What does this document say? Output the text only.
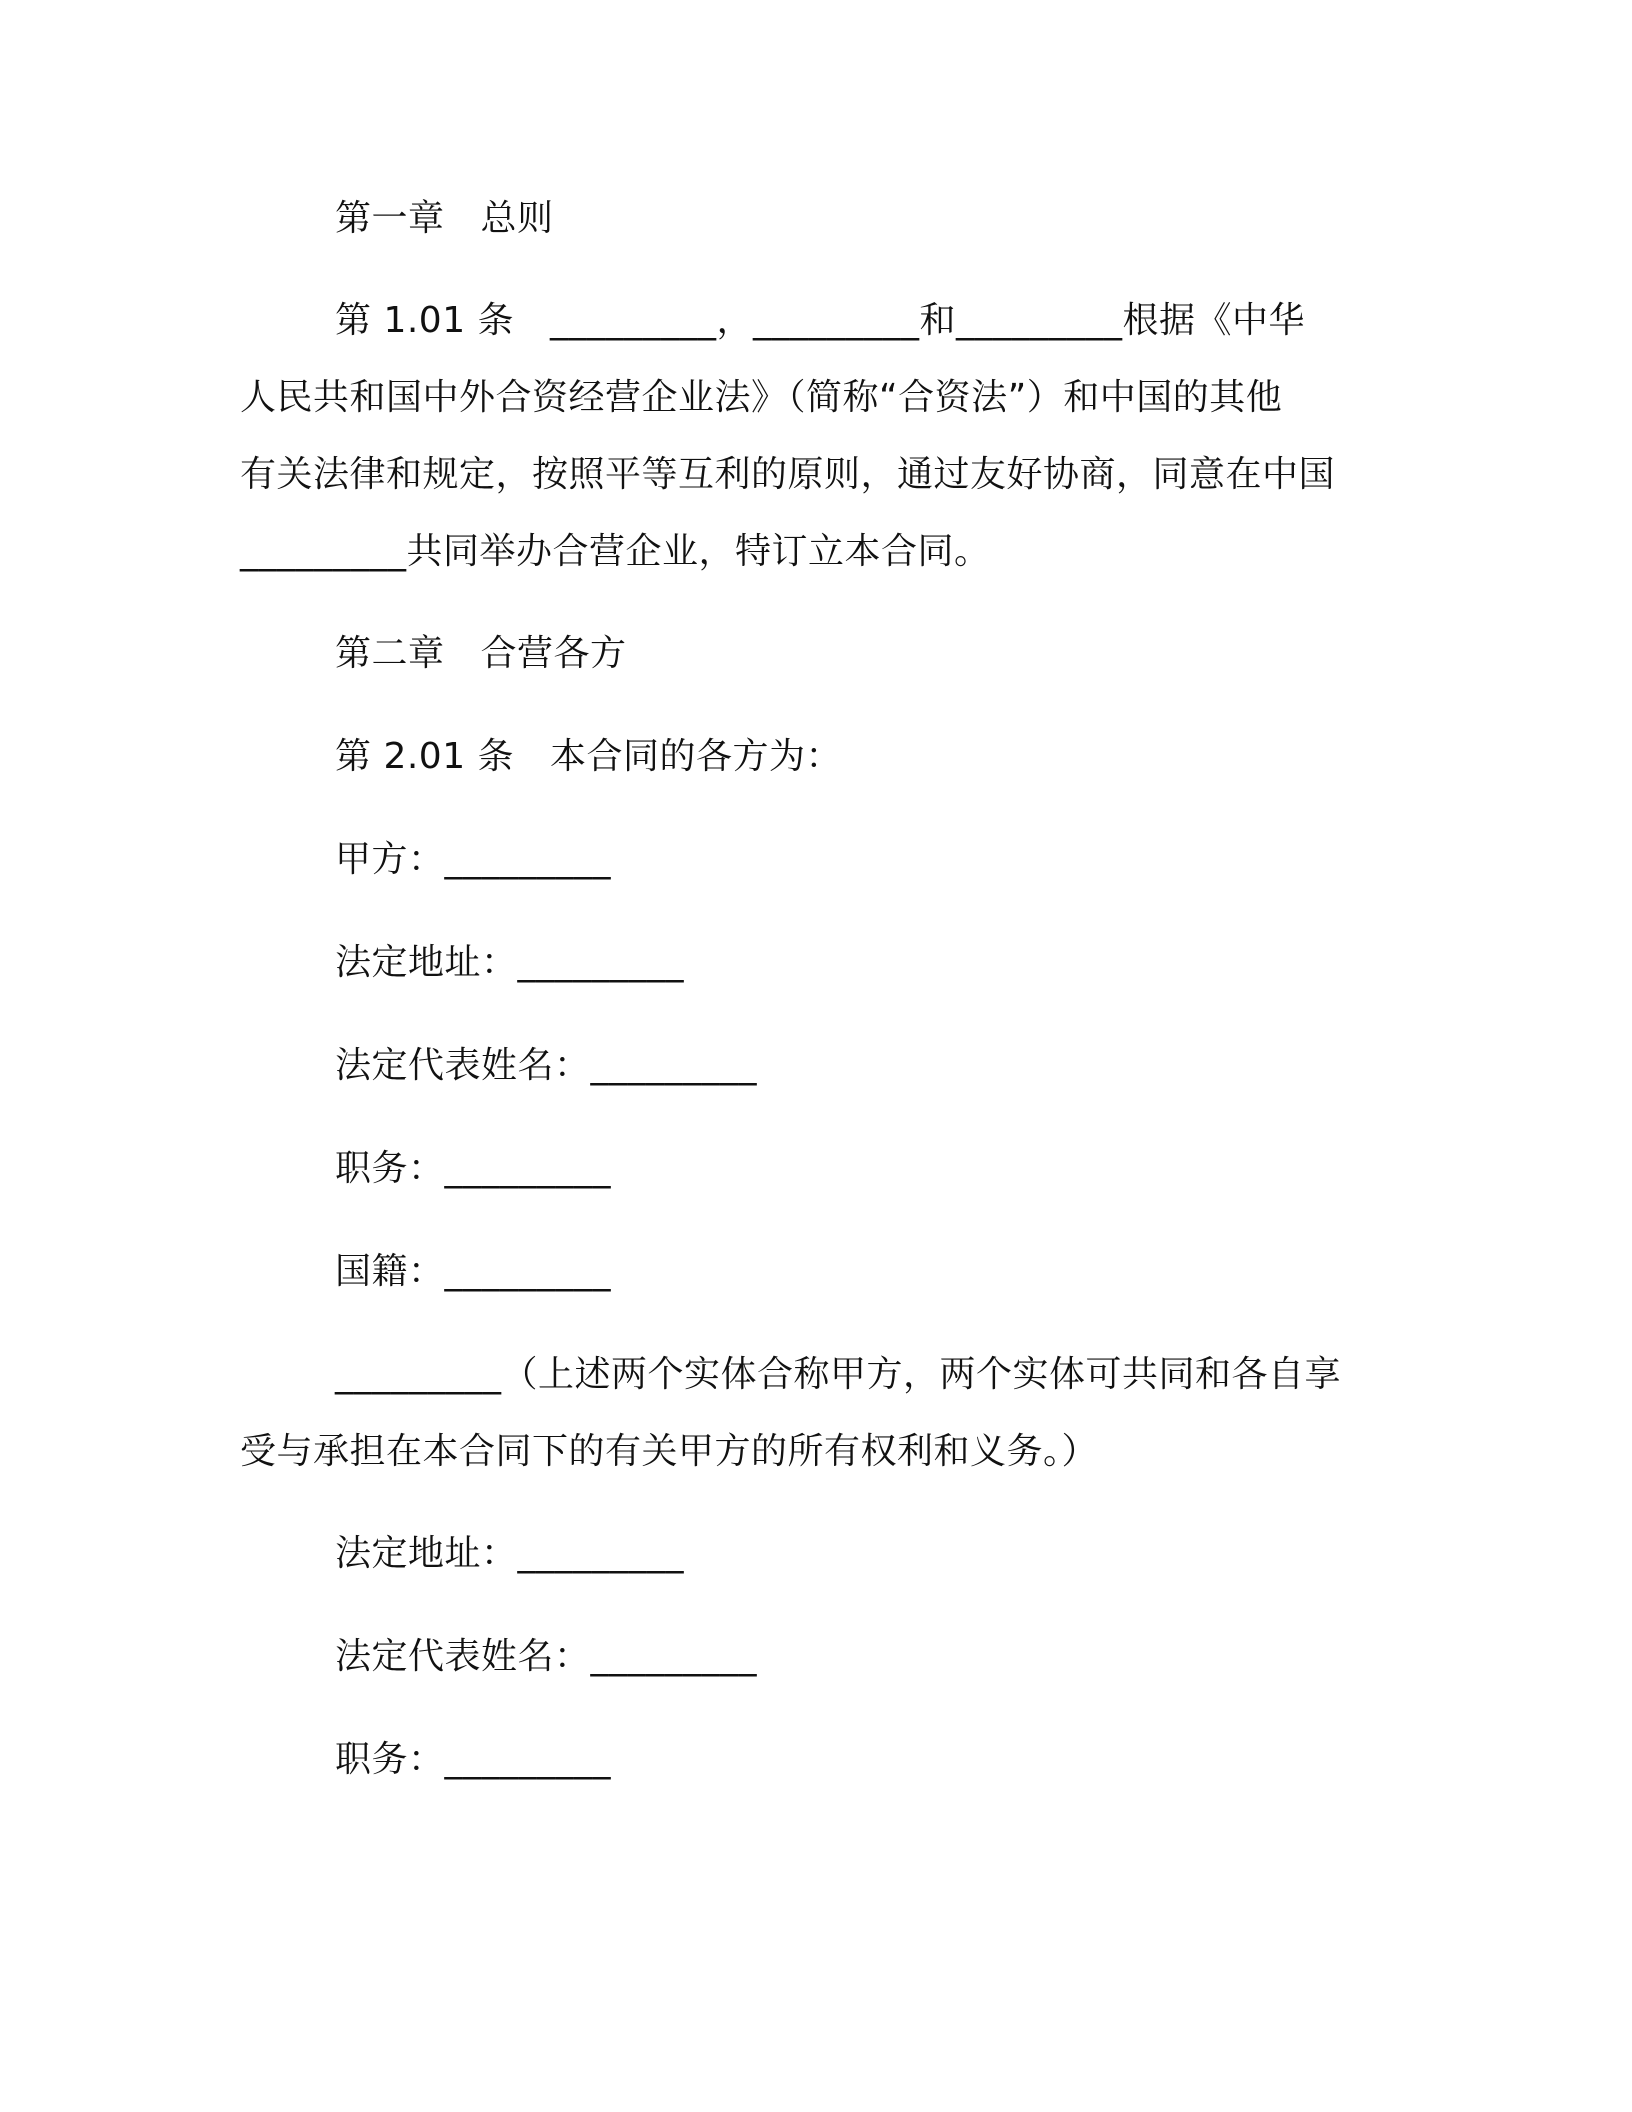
第一章 总则
第 1.01 条 _________，_________和_________根据《中华
人民共和国中外合资经营企业法》（简称“合资法”）和中国的其他
有关法律和规定，按照平等互利的原则，通过友好协商，同意在中国
_________共同举办合营企业，特订立本合同。
第二章 合营各方
第 2.01 条 本合同的各方为：
甲方：_________
法定地址：_________
法定代表姓名：_________
职务：_________
国籍：_________
_________（上述两个实体合称甲方，两个实体可共同和各自享
受与承担在本合同下的有关甲方的所有权利和义务。）
法定地址：_________
法定代表姓名：_________
职务：_________
